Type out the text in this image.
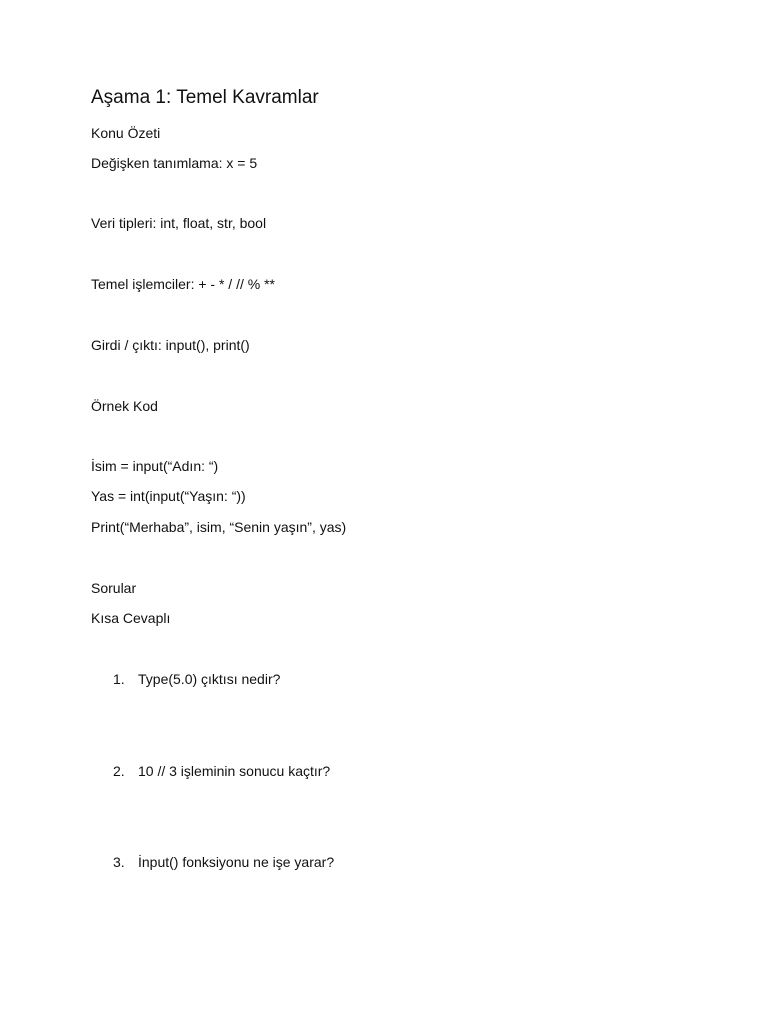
Aşama 1: Temel Kavramlar
Konu Özeti
Değişken tanımlama: x = 5
Veri tipleri: int, float, str, bool
Temel işlemciler: + - * / // % **
Girdi / çıktı: input(), print()
Örnek Kod
İsim = input(“Adın: “)
Yas = int(input(“Yaşın: “))
Print(“Merhaba”, isim, “Senin yaşın”, yas)
Sorular
Kısa Cevaplı
1. Type(5.0) çıktısı nedir?
2. 10 // 3 işleminin sonucu kaçtır?
3. İnput() fonksiyonu ne işe yarar?
